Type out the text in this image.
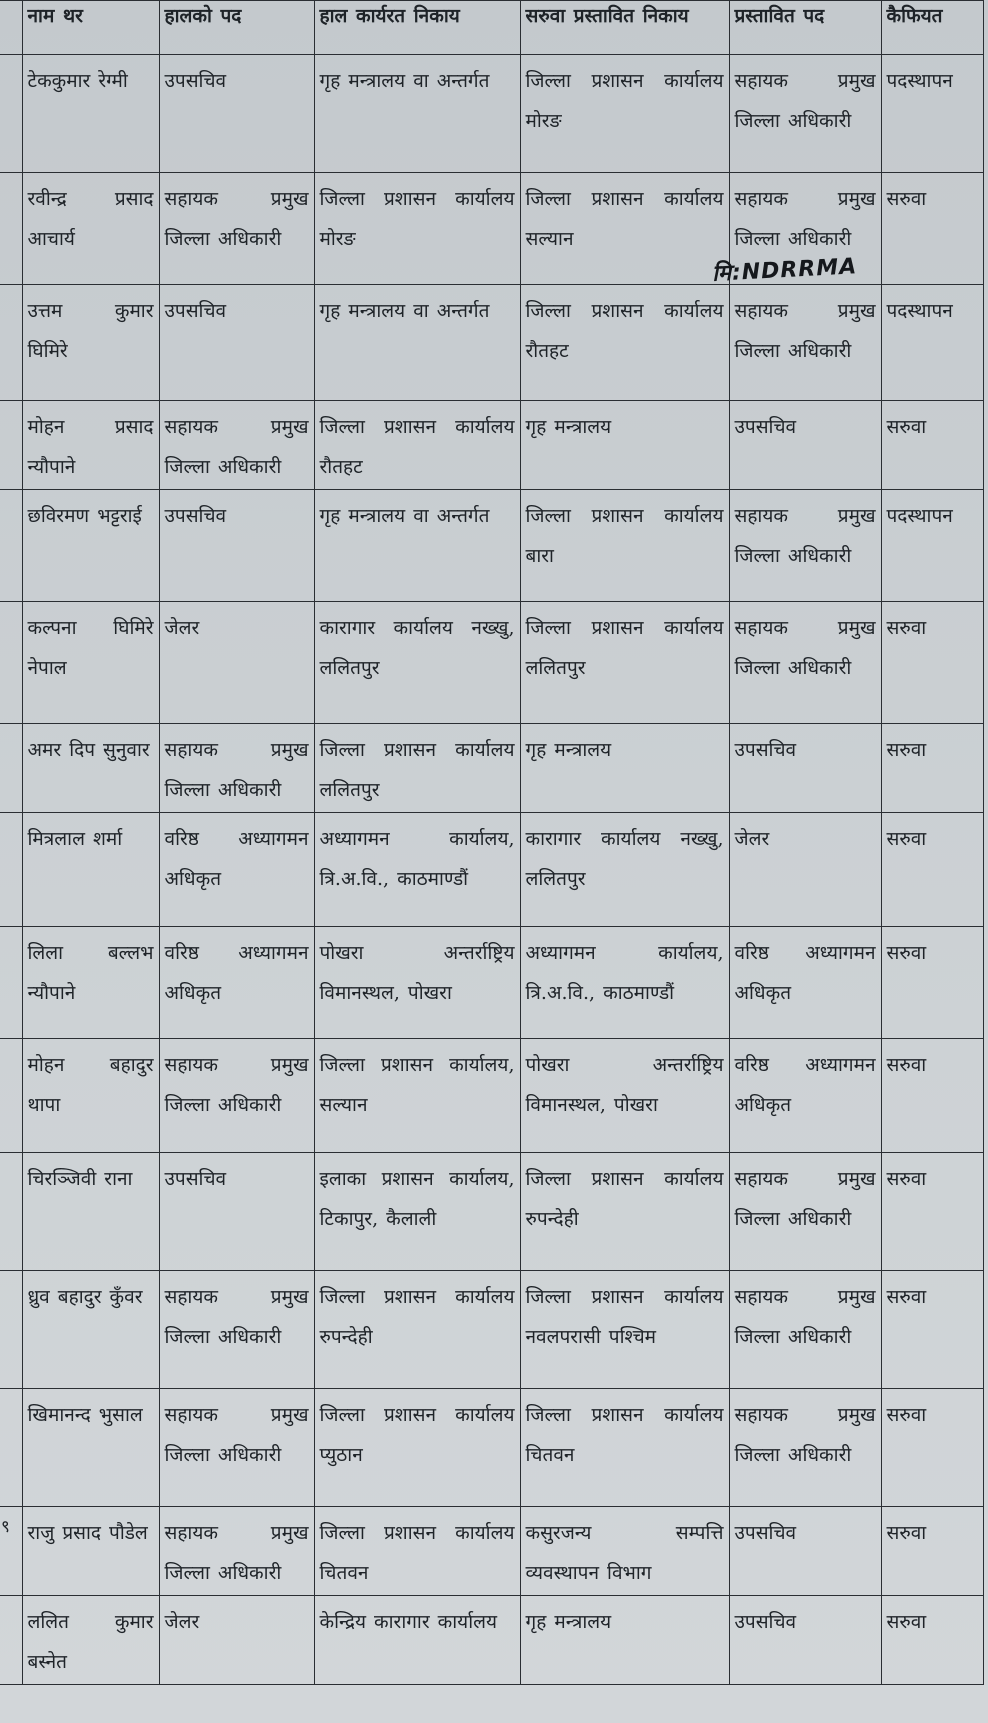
	नाम थर	हालको पद	हाल कार्यरत निकाय	सरुवा प्रस्तावित निकाय	प्रस्तावित पद	कैफियत
	टेककुमार रेग्मी	उपसचिव	गृह मन्त्रालय वा अन्तर्गत	जिल्ला प्रशासन कार्यालय मोरङ	सहायक प्रमुख जिल्ला अधिकारी	पदस्थापन
	रवीन्द्र प्रसाद आचार्य	सहायक प्रमुख जिल्ला अधिकारी	जिल्ला प्रशासन कार्यालय मोरङ	जिल्ला प्रशासन कार्यालय सल्यान	सहायक प्रमुख जिल्ला अधिकारी	सरुवा
	उत्तम कुमार घिमिरे	उपसचिव	गृह मन्त्रालय वा अन्तर्गत	जिल्ला प्रशासन कार्यालय रौतहट	सहायक प्रमुख जिल्ला अधिकारी	पदस्थापन
	मोहन प्रसाद न्यौपाने	सहायक प्रमुख जिल्ला अधिकारी	जिल्ला प्रशासन कार्यालय रौतहट	गृह मन्त्रालय	उपसचिव	सरुवा
	छविरमण भट्टराई	उपसचिव	गृह मन्त्रालय वा अन्तर्गत	जिल्ला प्रशासन कार्यालय बारा	सहायक प्रमुख जिल्ला अधिकारी	पदस्थापन
	कल्पना घिमिरे नेपाल	जेलर	कारागार कार्यालय नख्खु, ललितपुर	जिल्ला प्रशासन कार्यालय ललितपुर	सहायक प्रमुख जिल्ला अधिकारी	सरुवा
	अमर दिप सुनुवार	सहायक प्रमुख जिल्ला अधिकारी	जिल्ला प्रशासन कार्यालय ललितपुर	गृह मन्त्रालय	उपसचिव	सरुवा
	मित्रलाल शर्मा	वरिष्ठ अध्यागमन अधिकृत	अध्यागमन कार्यालय, त्रि.अ.वि., काठमाण्डौं	कारागार कार्यालय नख्खु, ललितपुर	जेलर	सरुवा
	लिला बल्लभ न्यौपाने	वरिष्ठ अध्यागमन अधिकृत	पोखरा अन्तर्राष्ट्रिय विमानस्थल, पोखरा	अध्यागमन कार्यालय, त्रि.अ.वि., काठमाण्डौं	वरिष्ठ अध्यागमन अधिकृत	सरुवा
	मोहन बहादुर थापा	सहायक प्रमुख जिल्ला अधिकारी	जिल्ला प्रशासन कार्यालय, सल्यान	पोखरा अन्तर्राष्ट्रिय विमानस्थल, पोखरा	वरिष्ठ अध्यागमन अधिकृत	सरुवा
	चिरञ्जिवी राना	उपसचिव	इलाका प्रशासन कार्यालय, टिकापुर, कैलाली	जिल्ला प्रशासन कार्यालय रुपन्देही	सहायक प्रमुख जिल्ला अधिकारी	सरुवा
	ध्रुव बहादुर कुँवर	सहायक प्रमुख जिल्ला अधिकारी	जिल्ला प्रशासन कार्यालय रुपन्देही	जिल्ला प्रशासन कार्यालय नवलपरासी पश्चिम	सहायक प्रमुख जिल्ला अधिकारी	सरुवा
	खिमानन्द भुसाल	सहायक प्रमुख जिल्ला अधिकारी	जिल्ला प्रशासन कार्यालय प्युठान	जिल्ला प्रशासन कार्यालय चितवन	सहायक प्रमुख जिल्ला अधिकारी	सरुवा
९	राजु प्रसाद पौडेल	सहायक प्रमुख जिल्ला अधिकारी	जिल्ला प्रशासन कार्यालय चितवन	कसुरजन्य सम्पत्ति व्यवस्थापन विभाग	उपसचिव	सरुवा
	ललित कुमार बस्नेत	जेलर	केन्द्रिय कारागार कार्यालय	गृह मन्त्रालय	उपसचिव	सरुवा
मि:NDRRMA
